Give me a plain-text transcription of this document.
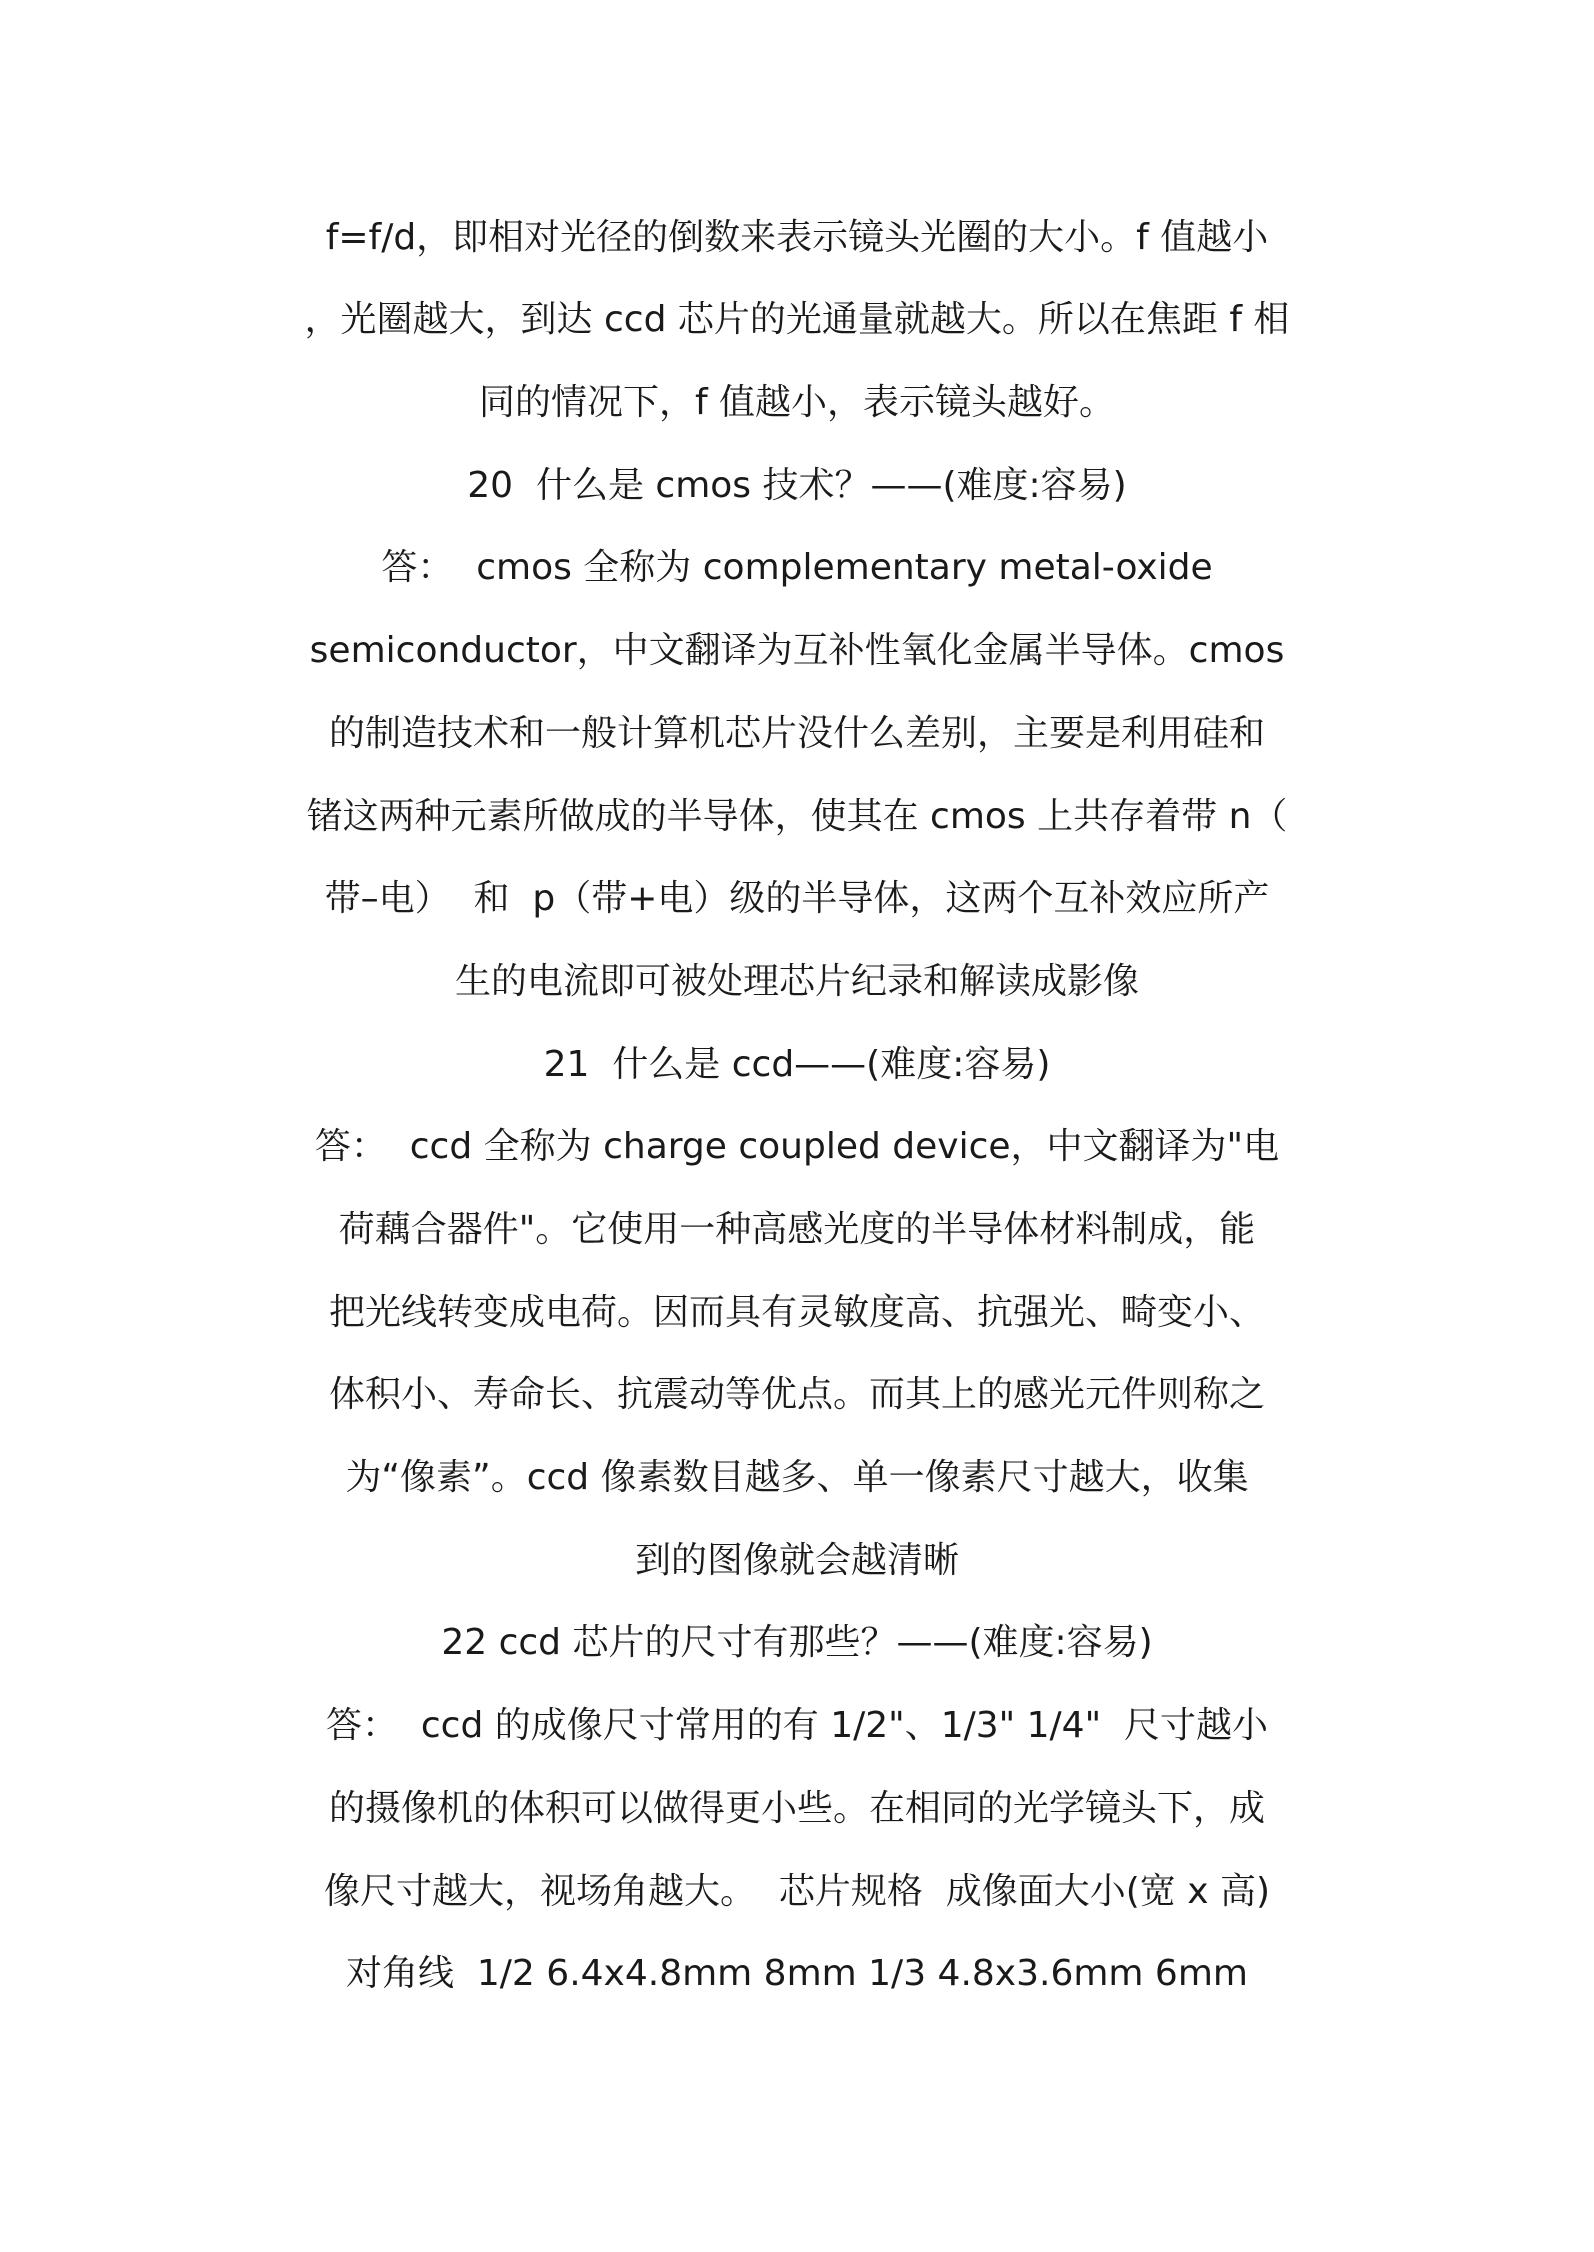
f=f/d，即相对光径的倒数来表示镜头光圈的大小。f 值越小
，光圈越大，到达 ccd 芯片的光通量就越大。所以在焦距 f 相
同的情况下，f 值越小，表示镜头越好。
20  什么是 cmos 技术？——(难度:容易)
答：  cmos 全称为 complementary metal-oxide
semiconductor，中文翻译为互补性氧化金属半导体。cmos
的制造技术和一般计算机芯片没什么差别，主要是利用硅和
锗这两种元素所做成的半导体，使其在 cmos 上共存着带 n（
带–电）  和  p（带+电）级的半导体，这两个互补效应所产
生的电流即可被处理芯片纪录和解读成影像
21  什么是 ccd——(难度:容易)
答：  ccd 全称为 charge coupled device，中文翻译为"电
荷藕合器件"。它使用一种高感光度的半导体材料制成，能
把光线转变成电荷。因而具有灵敏度高、抗强光、畸变小、
体积小、寿命长、抗震动等优点。而其上的感光元件则称之
为“像素”。ccd 像素数目越多、单一像素尺寸越大，收集
到的图像就会越清晰
22 ccd 芯片的尺寸有那些？——(难度:容易)
答：  ccd 的成像尺寸常用的有 1/2"、1/3" 1/4"  尺寸越小
的摄像机的体积可以做得更小些。在相同的光学镜头下，成
像尺寸越大，视场角越大。  芯片规格  成像面大小(宽 x 高)
对角线  1/2 6.4x4.8mm 8mm 1/3 4.8x3.6mm 6mm
